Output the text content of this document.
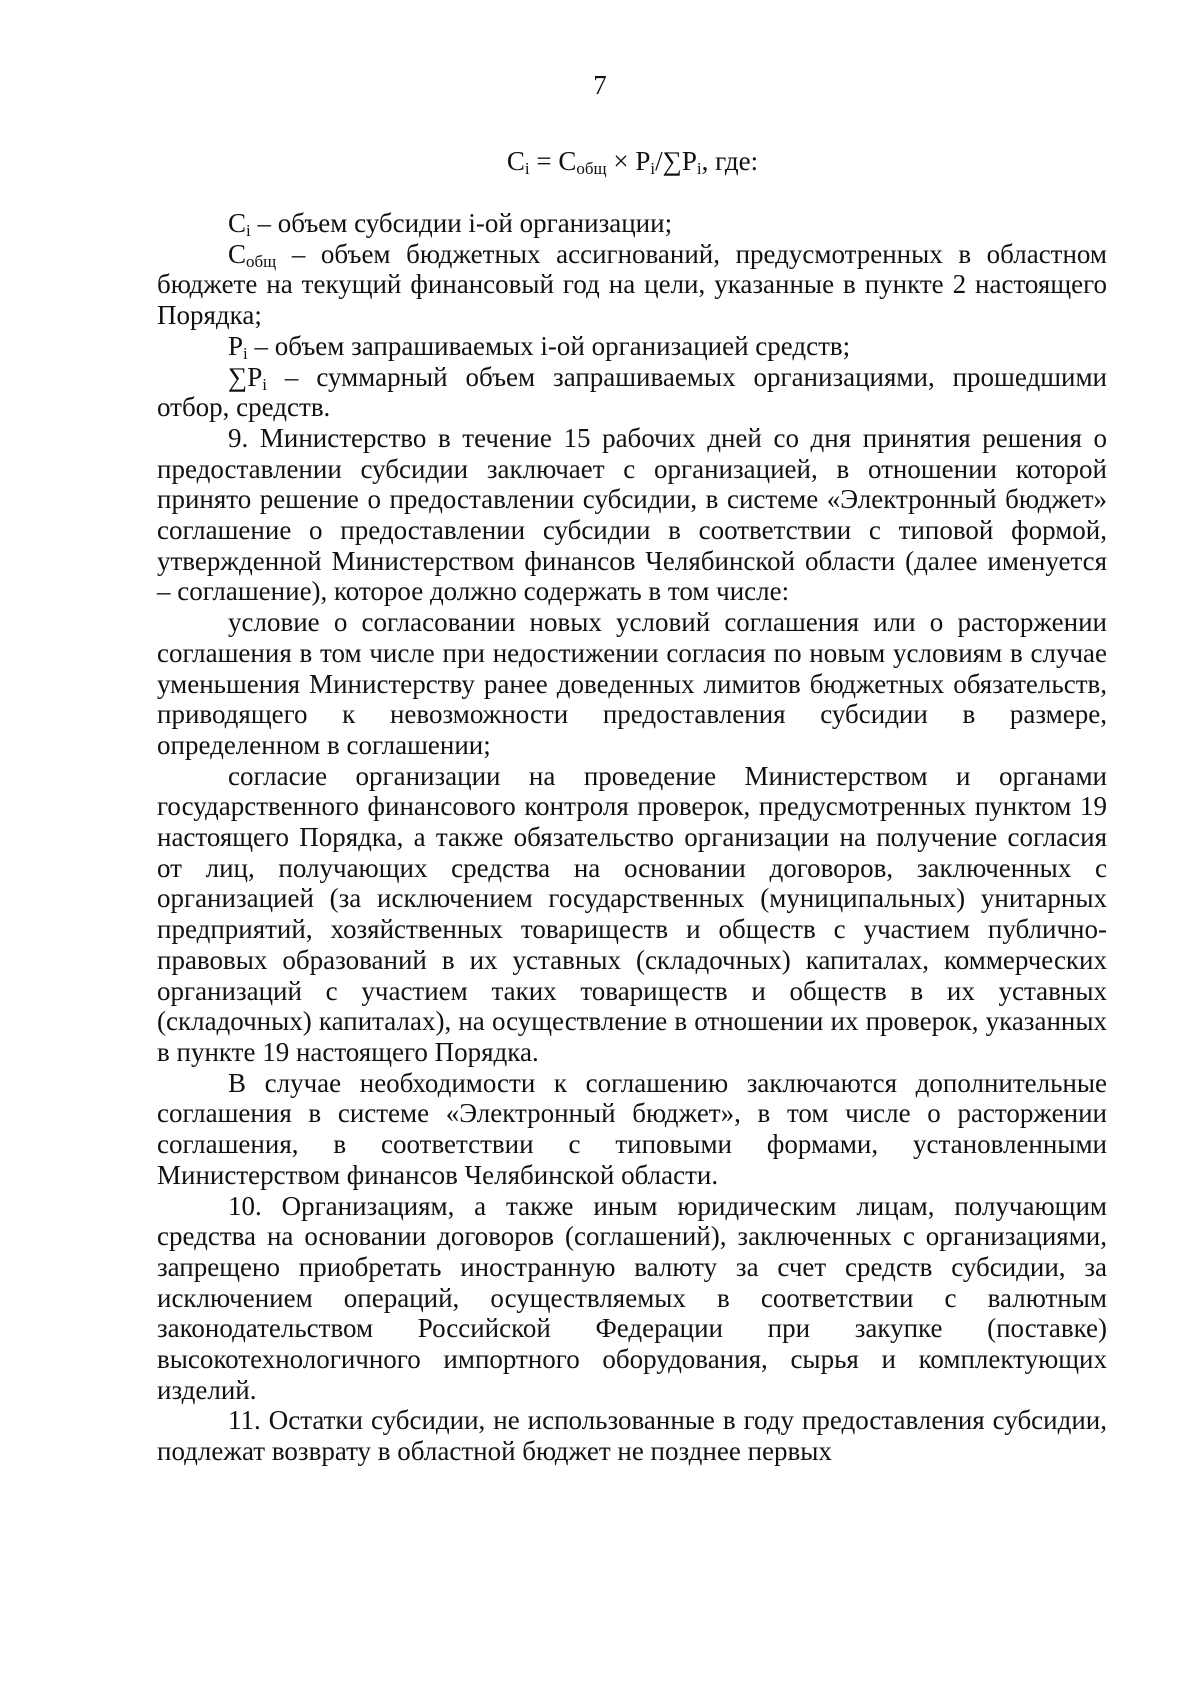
7
$C_i = C_{общ} \times P_i/\sum P_i$, где:

$C_i$ – объем субсидии i-ой организации;

$C_{общ}$ – объем бюджетных ассигнований, предусмотренных в областном бюджете на текущий финансовый год на цели, указанные в пункте 2 настоящего Порядка;

$P_i$ – объем запрашиваемых i-ой организацией средств;

$\sum P_i$ – суммарный объем запрашиваемых организациями, прошедшими отбор, средств.

9. Министерство в течение 15 рабочих дней со дня принятия решения о предоставлении субсидии заключает с организацией, в отношении которой принято решение о предоставлении субсидии, в системе «Электронный бюджет» соглашение о предоставлении субсидии в соответствии с типовой формой, утвержденной Министерством финансов Челябинской области (далее именуется – соглашение), которое должно содержать в том числе:

условие о согласовании новых условий соглашения или о расторжении соглашения в том числе при недостижении согласия по новым условиям в случае уменьшения Министерству ранее доведенных лимитов бюджетных обязательств, приводящего к невозможности предоставления субсидии в размере, определенном в соглашении;

согласие организации на проведение Министерством и органами государственного финансового контроля проверок, предусмотренных пунктом 19 настоящего Порядка, а также обязательство организации на получение согласия от лиц, получающих средства на основании договоров, заключенных с организацией (за исключением государственных (муниципальных) унитарных предприятий, хозяйственных товариществ и обществ с участием публично-правовых образований в их уставных (складочных) капиталах, коммерческих организаций с участием таких товариществ и обществ в их уставных (складочных) капиталах), на осуществление в отношении их проверок, указанных в пункте 19 настоящего Порядка.

В случае необходимости к соглашению заключаются дополнительные соглашения в системе «Электронный бюджет», в том числе о расторжении соглашения, в соответствии с типовыми формами, установленными Министерством финансов Челябинской области.

10. Организациям, а также иным юридическим лицам, получающим средства на основании договоров (соглашений), заключенных с организациями, запрещено приобретать иностранную валюту за счет средств субсидии, за исключением операций, осуществляемых в соответствии с валютным законодательством Российской Федерации при закупке (поставке) высокотехнологичного импортного оборудования, сырья и комплектующих изделий.

11. Остатки субсидии, не использованные в году предоставления субсидии, подлежат возврату в областной бюджет не позднее первых
